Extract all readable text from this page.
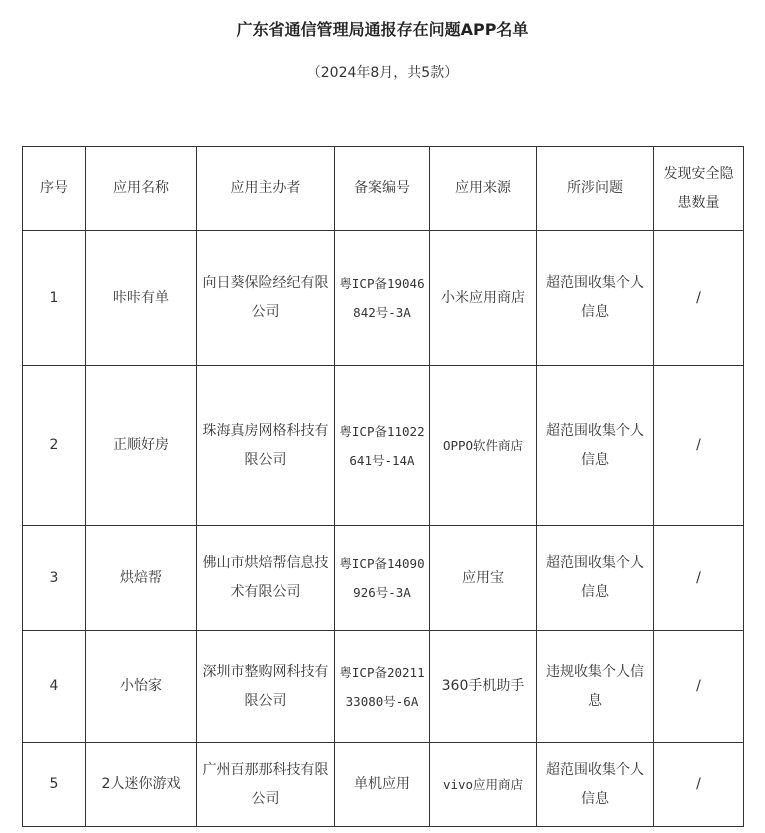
广东省通信管理局通报存在问题APP名单
（2024年8月，共5款）
序号	应用名称	应用主办者	备案编号	应用来源	所涉问题	发现安全隐患数量
1	咔咔有单	向日葵保险经纪有限公司	粤ICP备19046842号-3A	小米应用商店	超范围收集个人信息	/
2	正顺好房	珠海真房网格科技有限公司	粤ICP备11022641号-14A	OPPO软件商店	超范围收集个人信息	/
3	烘焙帮	佛山市烘焙帮信息技术有限公司	粤ICP备14090926号-3A	应用宝	超范围收集个人信息	/
4	小怡家	深圳市整购网科技有限公司	粤ICP备2021133080号-6A	360手机助手	违规收集个人信息	/
5	2人迷你游戏	广州百那那科技有限公司	单机应用	vivo应用商店	超范围收集个人信息	/
